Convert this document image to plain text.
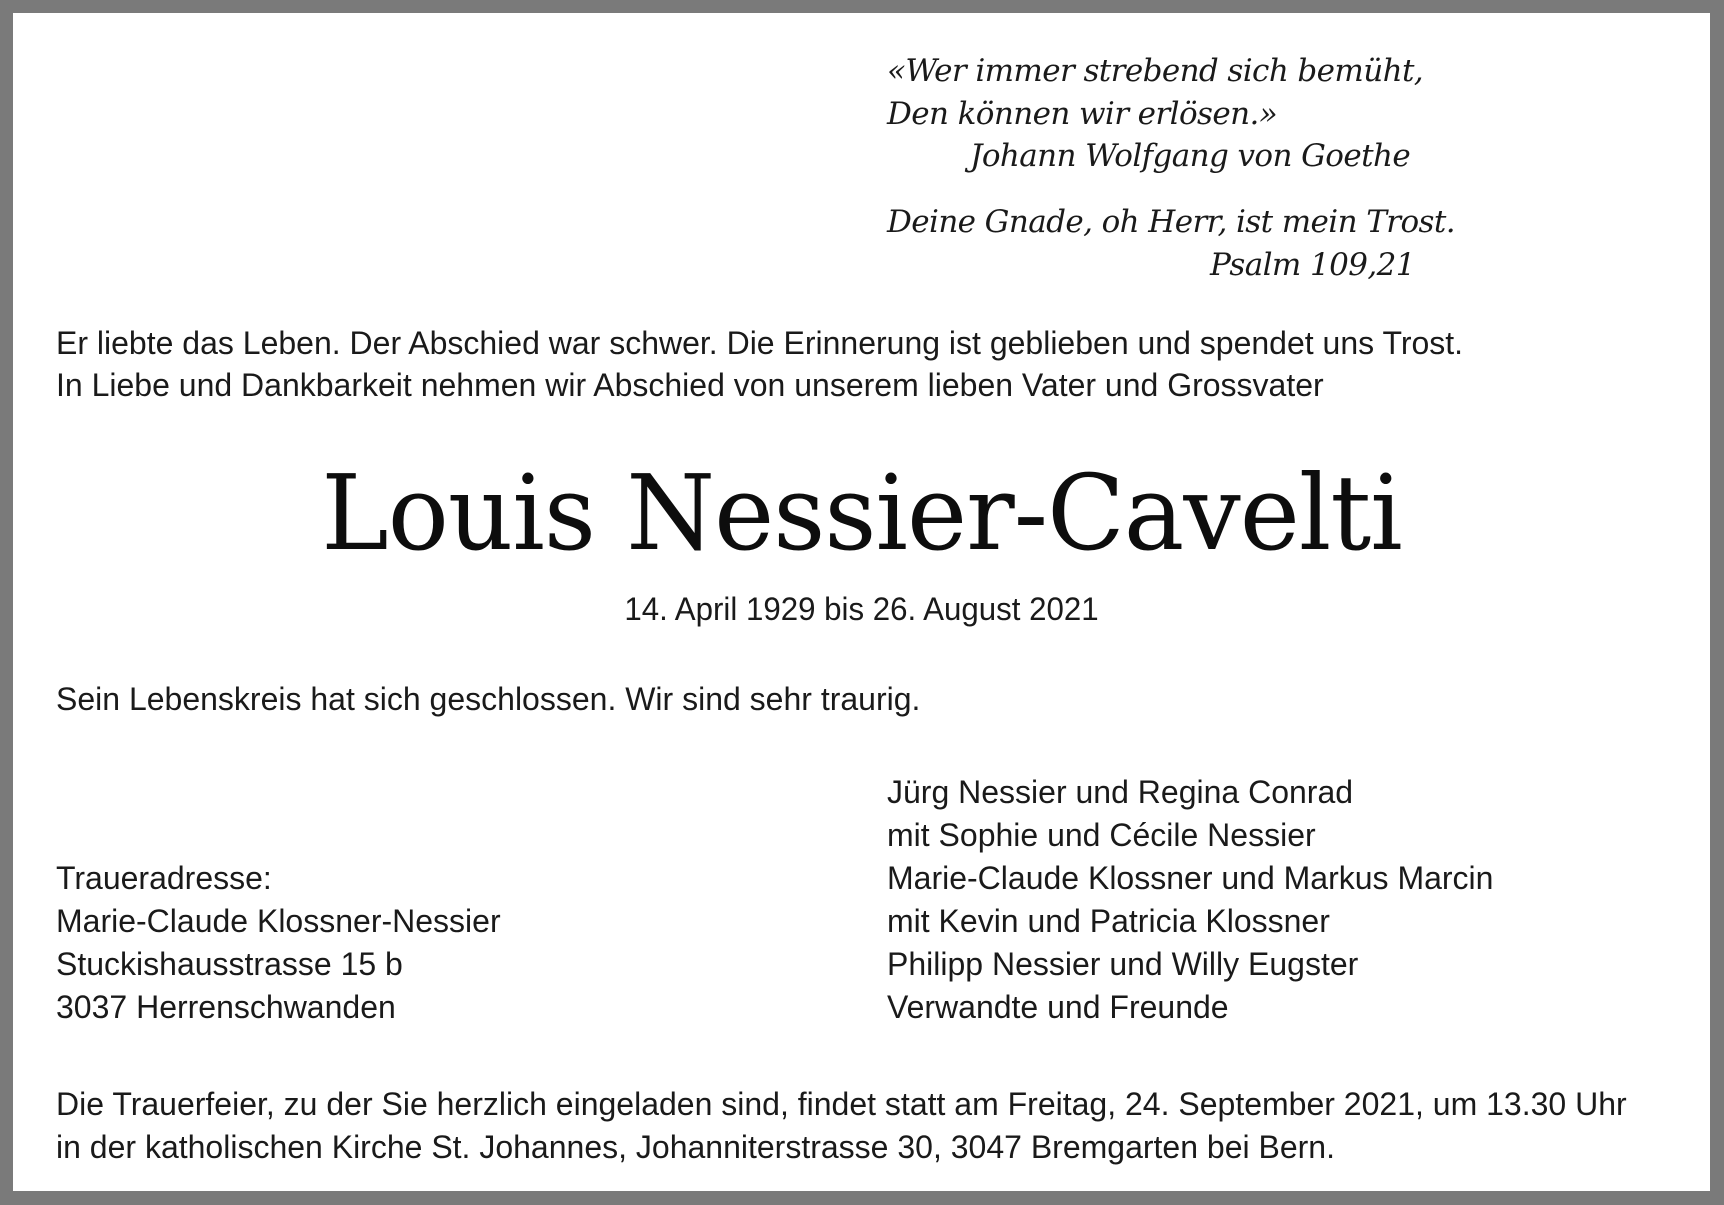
«Wer immer strebend sich bemüht,

Den können wir erlösen.»

Johann Wolfgang von Goethe

Deine Gnade, oh Herr, ist mein Trost.

Psalm 109,21

Er liebte das Leben. Der Abschied war schwer. Die Erinnerung ist geblieben und spendet uns Trost.

In Liebe und Dankbarkeit nehmen wir Abschied von unserem lieben Vater und Grossvater

Louis Nessier-Cavelti

14. April 1929 bis 26. August 2021

Sein Lebenskreis hat sich geschlossen. Wir sind sehr traurig.

Jürg Nessier und Regina Conrad

mit Sophie und Cécile Nessier

Marie-Claude Klossner und Markus Marcin

mit Kevin und Patricia Klossner

Philipp Nessier und Willy Eugster

Verwandte und Freunde

Traueradresse:

Marie-Claude Klossner-Nessier

Stuckishausstrasse 15 b

3037 Herrenschwanden

Die Trauerfeier, zu der Sie herzlich eingeladen sind, findet statt am Freitag, 24. September 2021, um 13.30 Uhr

in der katholischen Kirche St. Johannes, Johanniterstrasse 30, 3047 Bremgarten bei Bern.
